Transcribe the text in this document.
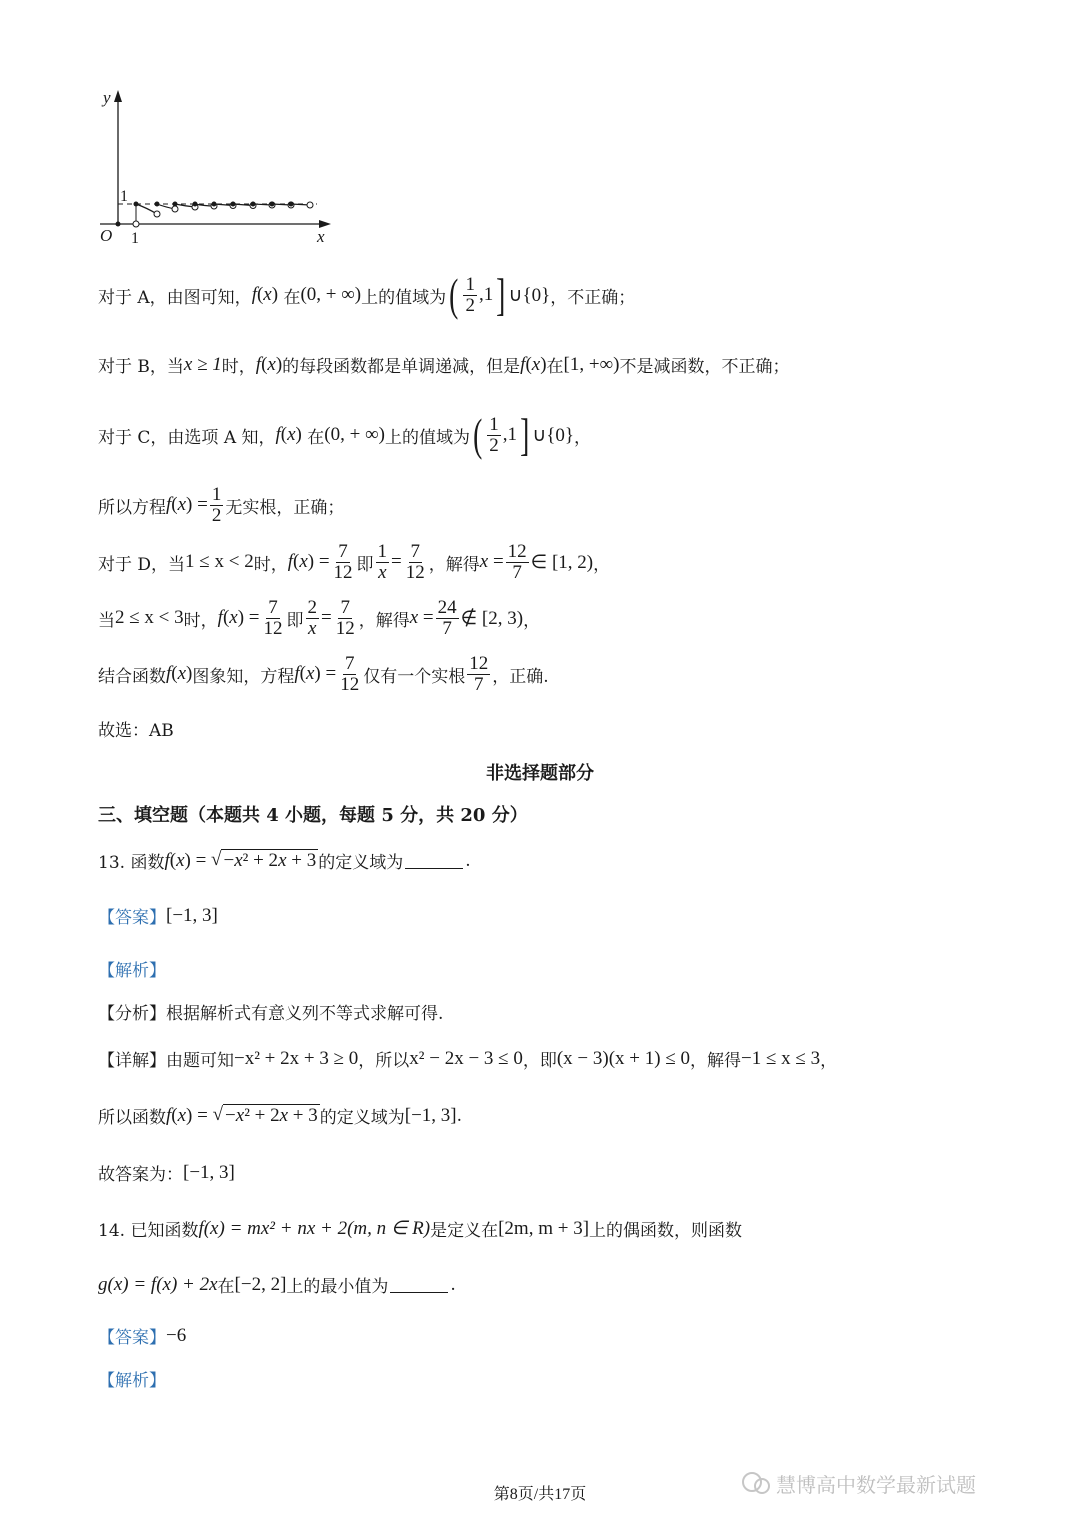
y
x
O
1
1
对于 A，由图可知， f(x)
在 (0, + ∞) 上的值域为 ( $\frac{1}{2} ,1$ ] ∪{0} ，不正确；
对于 B，当 x ≥ 1 时， f(x) 的每段函数都是单调递减，但是 f(x) 在 [1, +∞) 不是减函数，不正确；
对于 C，由选项 A 知， f(x)
在 (0, + ∞) 上的值域为 ( $\frac{1}{2} ,1$ ] ∪{0} ，
所以方程 $f(x) = \frac{1}{2}$ 无实根，正确；
对于 D，当 1 ≤ x < 2 时， $f(x) = \frac{7}{12}$ 即 $\frac{1}{x} = \frac{7}{12}$ ，解得 $x = \frac{12}{7}$ ∈ [1, 2) ，
当 2 ≤ x < 3 时， $f(x) = \frac{7}{12}$ 即 $\frac{2}{x} = \frac{7}{12}$ ，解得 $x = \frac{24}{7}$ ∉ [2, 3) ，
结合函数 f(x) 图象知，方程 $f(x) = \frac{7}{12}$ 仅有一个实根 $\frac{12}{7}$ ，正确.
故选：AB
非选择题部分
三、填空题（本题共 4 小题，每题 5 分，共 20 分）
13. 函数 f(x) = √ −x² + 2x + 3 的定义域为	.
【答案】 [−1, 3]
【解析】
【分析】 根据解析式有意义列不等式求解可得.
【详解】 由题可知 −x² + 2x + 3 ≥ 0 ，所以 x² − 2x − 3 ≤ 0 ，即 (x − 3)(x + 1) ≤ 0 ，解得 −1 ≤ x ≤ 3 ，
所以函数 f(x) = √ −x² + 2x + 3 的定义域为 [−1, 3] .
故答案为： [−1, 3]
14. 已知函数 f(x) = mx² + nx + 2(m, n ∈ R) 是定义在 [2m, m + 3] 上的偶函数，则函数
g(x) = f(x) + 2x 在 [−2, 2] 上的最小值为	.
【答案】 −6
【解析】
慧博高中数学最新试题
第8页/共17页
